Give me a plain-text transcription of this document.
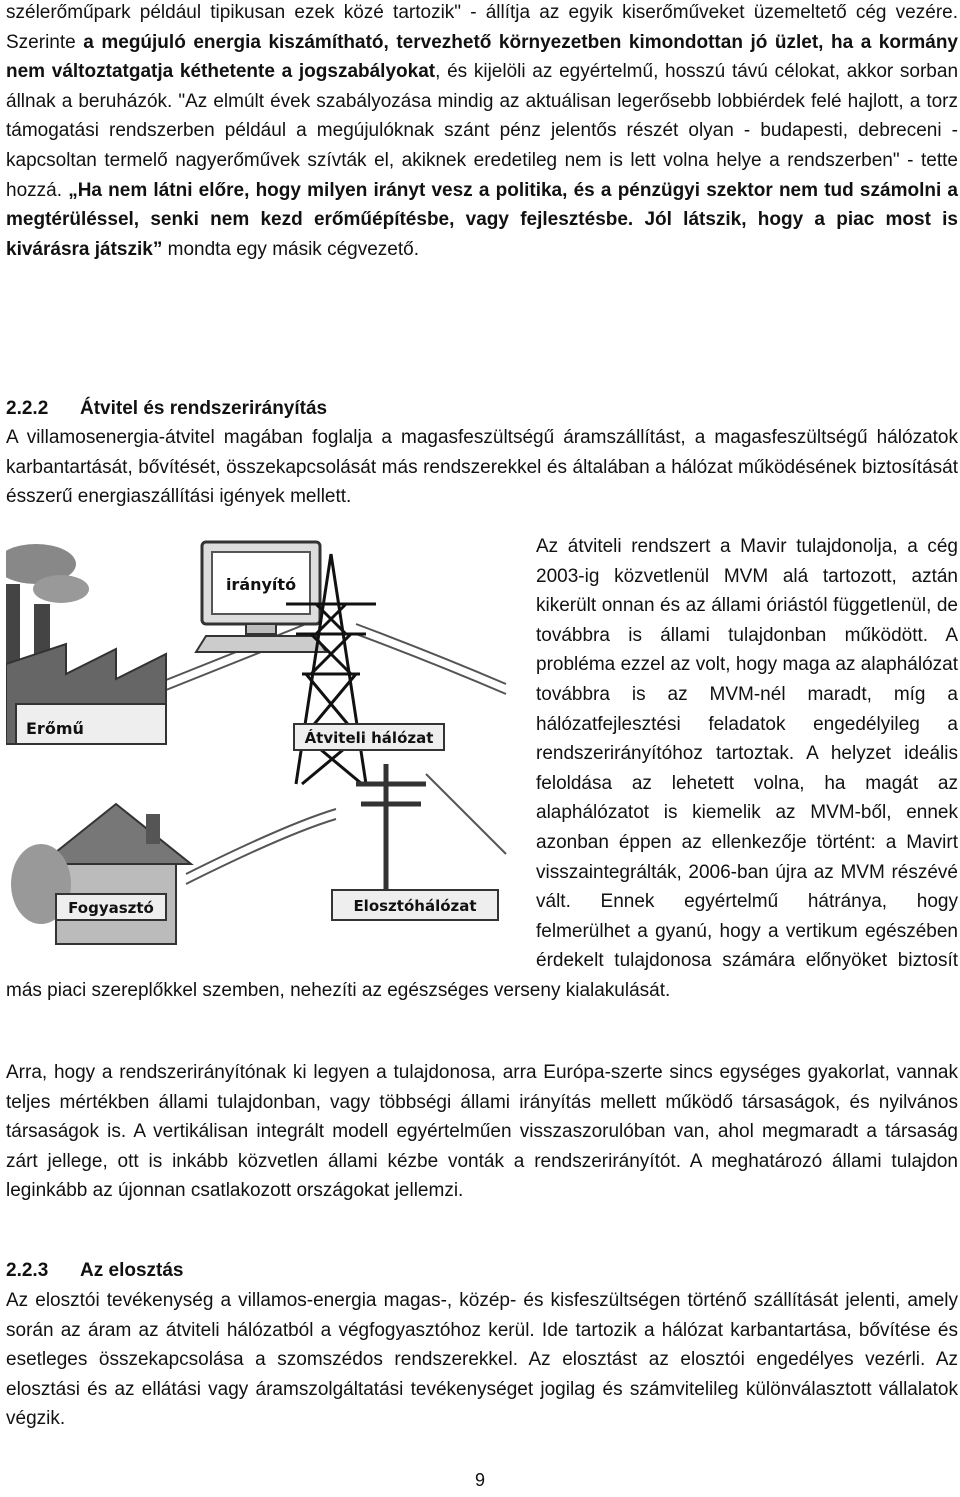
szélerőműpark például tipikusan ezek közé tartozik" - állítja az egyik kiserőműveket üzemeltető cég vezére. Szerinte a megújuló energia kiszámítható, tervezhető környezetben kimondottan jó üzlet, ha a kormány nem változtatgatja kéthetente a jogszabályokat, és kijelöli az egyértelmű, hosszú távú célokat, akkor sorban állnak a beruházók. "Az elmúlt évek szabályozása mindig az aktuálisan legerősebb lobbiérdek felé hajlott, a torz támogatási rendszerben például a megújulóknak szánt pénz jelentős részét olyan - budapesti, debreceni - kapcsoltan termelő nagyerőművek szívták el, akiknek eredetileg nem is lett volna helye a rendszerben" - tette hozzá. „Ha nem látni előre, hogy milyen irányt vesz a politika, és a pénzügyi szektor nem tud számolni a megtérüléssel, senki nem kezd erőműépítésbe, vagy fejlesztésbe. Jól látszik, hogy a piac most is kivárásra játszik” mondta egy másik cégvezető.

2.2.2 Átvitel és rendszerirányítás

A villamosenergia-átvitel magában foglalja a magasfeszültségű áramszállítást, a magasfeszültségű hálózatok karbantartását, bővítését, összekapcsolását más rendszerekkel és általában a hálózat működésének biztosítását ésszerű energiaszállítási igények mellett.

irányító
Erőmű	Átviteli hálózat
Elosztóhálózat
Fogyasztó

Az átviteli rendszert a Mavir tulajdonolja, a cég 2003-ig közvetlenül MVM alá tartozott, aztán kikerült onnan és az állami óriástól függetlenül, de továbbra is állami tulajdonban működött. A probléma ezzel az volt, hogy maga az alaphálózat továbbra is az MVM-nél maradt, míg a hálózatfejlesztési feladatok engedélyileg a rendszerirányítóhoz tartoztak. A helyzet ideális feloldása az lehetett volna, ha magát az alaphálózatot is kiemelik az MVM-ből, ennek azonban éppen az ellenkezője történt: a Mavirt visszaintegrálták, 2006-ban újra az MVM részévé vált. Ennek egyértelmű hátránya, hogy felmerülhet a gyanú, hogy a vertikum egészében érdekelt tulajdonosa számára előnyöket biztosít más piaci szereplőkkel szemben, nehezíti az egészséges verseny kialakulását.

Arra, hogy a rendszerirányítónak ki legyen a tulajdonosa, arra Európa-szerte sincs egységes gyakorlat, vannak teljes mértékben állami tulajdonban, vagy többségi állami irányítás mellett működő társaságok, és nyilvános társaságok is. A vertikálisan integrált modell egyértelműen visszaszorulóban van, ahol megmaradt a társaság zárt jellege, ott is inkább közvetlen állami kézbe vonták a rendszerirányítót. A meghatározó állami tulajdon leginkább az újonnan csatlakozott országokat jellemzi.

2.2.3 Az elosztás

Az elosztói tevékenység a villamos-energia magas-, közép- és kisfeszültségen történő szállítását jelenti, amely során az áram az átviteli hálózatból a végfogyasztóhoz kerül. Ide tartozik a hálózat karbantartása, bővítése és esetleges összekapcsolása a szomszédos rendszerekkel. Az elosztást az elosztói engedélyes vezérli. Az elosztási és az ellátási vagy áramszolgáltatási tevékenységet jogilag és számvitelileg különválasztott vállalatok végzik.

9
